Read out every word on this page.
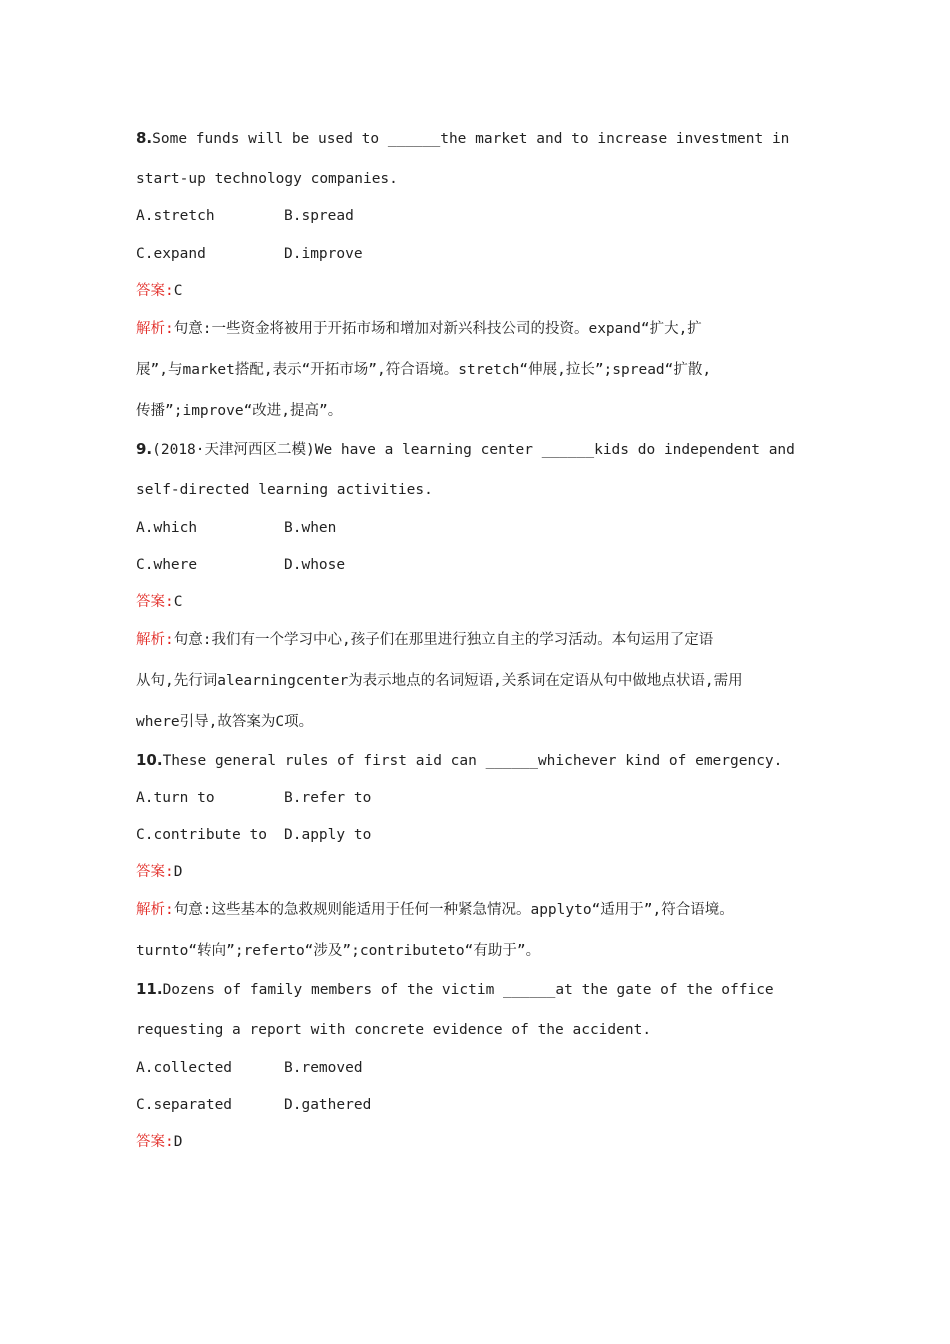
8.Some funds will be used to ______the market and to increase investment in
start-up technology companies.
A.stretch	B.spread
C.expand	D.improve
答案:C
解析:句意:一些资金将被用于开拓市场和增加对新兴科技公司的投资。expand“扩大,扩
展”,与market搭配,表示“开拓市场”,符合语境。stretch“伸展,拉长”;spread“扩散,
传播”;improve“改进,提高”。
9.(2018·天津河西区二模)We have a learning center ______kids do independent and
self-directed learning activities.
A.which	B.when
C.where	D.whose
答案:C
解析:句意:我们有一个学习中心,孩子们在那里进行独立自主的学习活动。本句运用了定语
从句,先行词alearningcenter为表示地点的名词短语,关系词在定语从句中做地点状语,需用
where引导,故答案为C项。
10.These general rules of first aid can ______whichever kind of emergency.
A.turn to	B.refer to
C.contribute to D.apply to
答案:D
解析:句意:这些基本的急救规则能适用于任何一种紧急情况。applyto“适用于”,符合语境。
turnto“转向”;referto“涉及”;contributeto“有助于”。
11.Dozens of family members of the victim ______at the gate of the office
requesting a report with concrete evidence of the accident.
A.collected	B.removed
C.separated	D.gathered
答案:D
